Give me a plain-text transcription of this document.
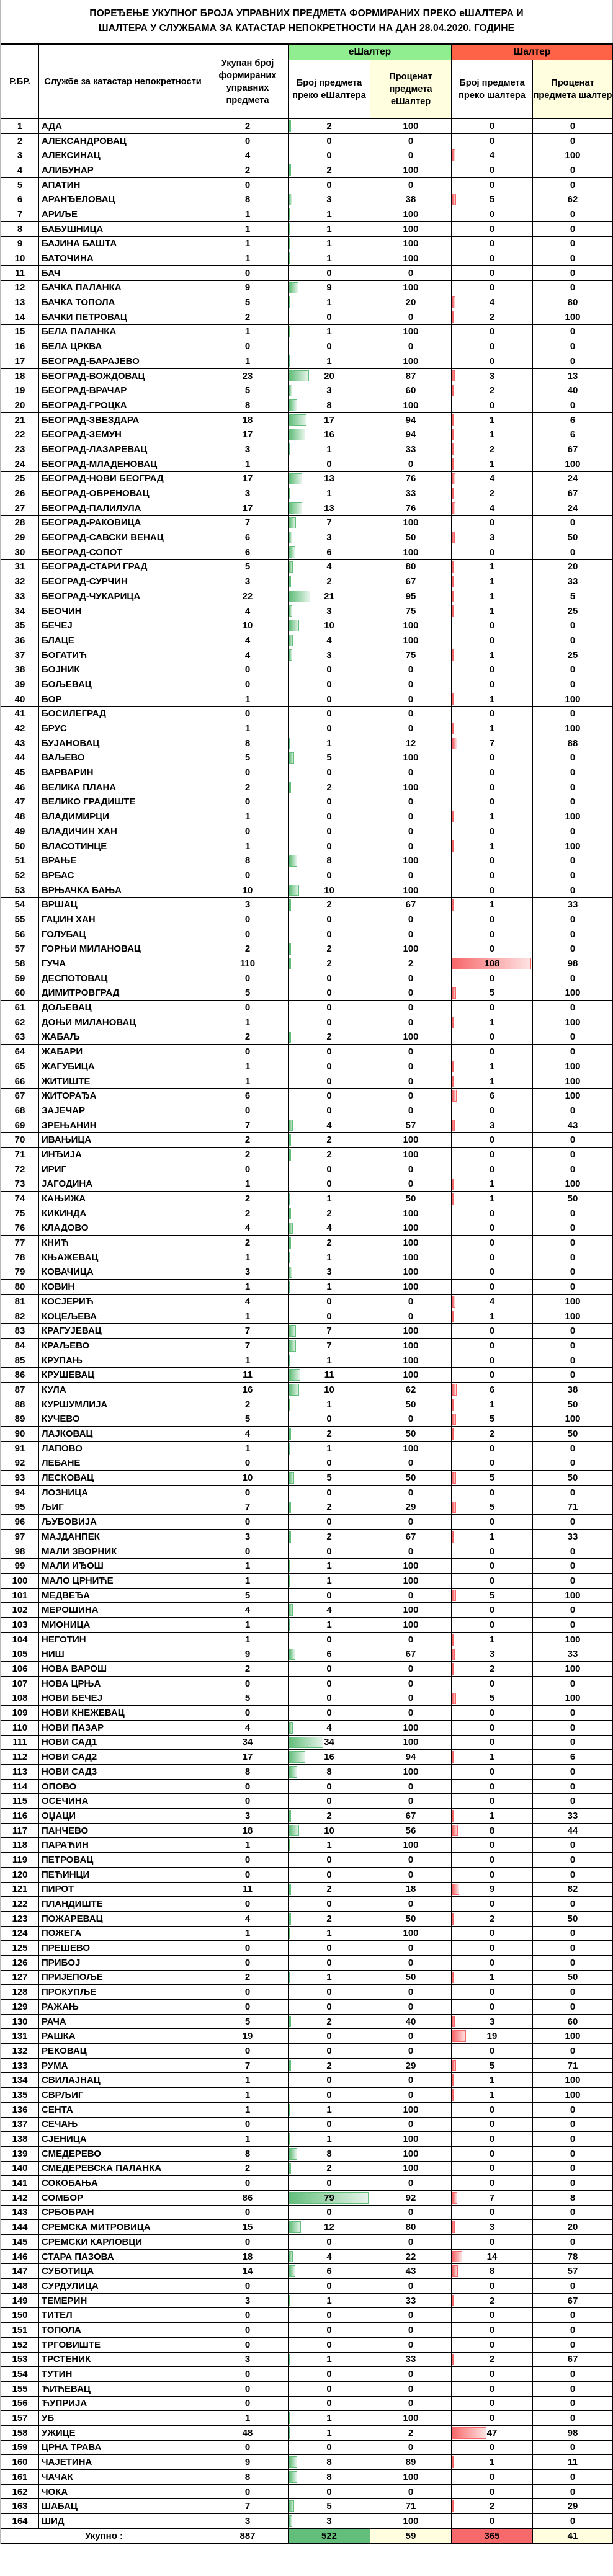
ПОРЕЂЕЊЕ УКУПНОГ БРОЈА УПРАВНИХ ПРЕДМЕТА ФОРМИРАНИХ ПРЕКО еШАЛТЕРА И
ШАЛТЕРА У СЛУЖБАМА ЗА КАТАСТАР НЕПОКРЕТНОСТИ НА ДАН 28.04.2020. ГОДИНЕ
Р.БР.	Службе за катастар непокретности	Укупан број формираних управних предмета	еШалтер		Шалтер	
			Број предмета преко еШалтера	Проценат предмета еШалтер	Број предмета преко шалтера	Проценат предмета шалтер
1	АДА	2	2	100	0	0
2	АЛЕКСАНДРОВАЦ	0	0	0	0	0
3	АЛЕКСИНАЦ	4	0	0	4	100
4	АЛИБУНАР	2	2	100	0	0
5	АПАТИН	0	0	0	0	0
6	АРАНЂЕЛОВАЦ	8	3	38	5	62
7	АРИЉЕ	1	1	100	0	0
8	БАБУШНИЦА	1	1	100	0	0
9	БАЈИНА БАШТА	1	1	100	0	0
10	БАТОЧИНА	1	1	100	0	0
11	БАЧ	0	0	0	0	0
12	БАЧКА ПАЛАНКА	9	9	100	0	0
13	БАЧКА ТОПОЛА	5	1	20	4	80
14	БАЧКИ ПЕТРОВАЦ	2	0	0	2	100
15	БЕЛА ПАЛАНКА	1	1	100	0	0
16	БЕЛА ЦРКВА	0	0	0	0	0
17	БЕОГРАД-БАРАЈЕВО	1	1	100	0	0
18	БЕОГРАД-ВОЖДОВАЦ	23	20	87	3	13
19	БЕОГРАД-ВРАЧАР	5	3	60	2	40
20	БЕОГРАД-ГРОЦКА	8	8	100	0	0
21	БЕОГРАД-ЗВЕЗДАРА	18	17	94	1	6
22	БЕОГРАД-ЗЕМУН	17	16	94	1	6
23	БЕОГРАД-ЛАЗАРЕВАЦ	3	1	33	2	67
24	БЕОГРАД-МЛАДЕНОВАЦ	1	0	0	1	100
25	БЕОГРАД-НОВИ БЕОГРАД	17	13	76	4	24
26	БЕОГРАД-ОБРЕНОВАЦ	3	1	33	2	67
27	БЕОГРАД-ПАЛИЛУЛА	17	13	76	4	24
28	БЕОГРАД-РАКОВИЦА	7	7	100	0	0
29	БЕОГРАД-САВСКИ ВЕНАЦ	6	3	50	3	50
30	БЕОГРАД-СОПОТ	6	6	100	0	0
31	БЕОГРАД-СТАРИ ГРАД	5	4	80	1	20
32	БЕОГРАД-СУРЧИН	3	2	67	1	33
33	БЕОГРАД-ЧУКАРИЦА	22	21	95	1	5
34	БЕОЧИН	4	3	75	1	25
35	БЕЧЕЈ	10	10	100	0	0
36	БЛАЦЕ	4	4	100	0	0
37	БОГАТИЋ	4	3	75	1	25
38	БОЈНИК	0	0	0	0	0
39	БОЉЕВАЦ	0	0	0	0	0
40	БОР	1	0	0	1	100
41	БОСИЛЕГРАД	0	0	0	0	0
42	БРУС	1	0	0	1	100
43	БУЈАНОВАЦ	8	1	12	7	88
44	ВАЉЕВО	5	5	100	0	0
45	ВАРВАРИН	0	0	0	0	0
46	ВЕЛИКА ПЛАНА	2	2	100	0	0
47	ВЕЛИКО ГРАДИШТЕ	0	0	0	0	0
48	ВЛАДИМИРЦИ	1	0	0	1	100
49	ВЛАДИЧИН ХАН	0	0	0	0	0
50	ВЛАСОТИНЦЕ	1	0	0	1	100
51	ВРАЊЕ	8	8	100	0	0
52	ВРБАС	0	0	0	0	0
53	ВРЊАЧКА БАЊА	10	10	100	0	0
54	ВРШАЦ	3	2	67	1	33
55	ГАЏИН ХАН	0	0	0	0	0
56	ГОЛУБАЦ	0	0	0	0	0
57	ГОРЊИ МИЛАНОВАЦ	2	2	100	0	0
58	ГУЧА	110	2	2	108	98
59	ДЕСПОТОВАЦ	0	0	0	0	0
60	ДИМИТРОВГРАД	5	0	0	5	100
61	ДОЉЕВАЦ	0	0	0	0	0
62	ДОЊИ МИЛАНОВАЦ	1	0	0	1	100
63	ЖАБАЉ	2	2	100	0	0
64	ЖАБАРИ	0	0	0	0	0
65	ЖАГУБИЦА	1	0	0	1	100
66	ЖИТИШТЕ	1	0	0	1	100
67	ЖИТОРАЂА	6	0	0	6	100
68	ЗАЈЕЧАР	0	0	0	0	0
69	ЗРЕЊАНИН	7	4	57	3	43
70	ИВАЊИЦА	2	2	100	0	0
71	ИНЂИЈА	2	2	100	0	0
72	ИРИГ	0	0	0	0	0
73	ЈАГОДИНА	1	0	0	1	100
74	КАЊИЖА	2	1	50	1	50
75	КИКИНДА	2	2	100	0	0
76	КЛАДОВО	4	4	100	0	0
77	КНИЋ	2	2	100	0	0
78	КЊАЖЕВАЦ	1	1	100	0	0
79	КОВАЧИЦА	3	3	100	0	0
80	КОВИН	1	1	100	0	0
81	КОСЈЕРИЋ	4	0	0	4	100
82	КОЦЕЉЕВА	1	0	0	1	100
83	КРАГУЈЕВАЦ	7	7	100	0	0
84	КРАЉЕВО	7	7	100	0	0
85	КРУПАЊ	1	1	100	0	0
86	КРУШЕВАЦ	11	11	100	0	0
87	КУЛА	16	10	62	6	38
88	КУРШУМЛИЈА	2	1	50	1	50
89	КУЧЕВО	5	0	0	5	100
90	ЛАЈКОВАЦ	4	2	50	2	50
91	ЛАПОВО	1	1	100	0	0
92	ЛЕБАНЕ	0	0	0	0	0
93	ЛЕСКОВАЦ	10	5	50	5	50
94	ЛОЗНИЦА	0	0	0	0	0
95	ЉИГ	7	2	29	5	71
96	ЉУБОВИЈА	0	0	0	0	0
97	МАЈДАНПЕК	3	2	67	1	33
98	МАЛИ ЗВОРНИК	0	0	0	0	0
99	МАЛИ ИЂОШ	1	1	100	0	0
100	МАЛО ЦРНИЋЕ	1	1	100	0	0
101	МЕДВЕЂА	5	0	0	5	100
102	МЕРОШИНА	4	4	100	0	0
103	МИОНИЦА	1	1	100	0	0
104	НЕГОТИН	1	0	0	1	100
105	НИШ	9	6	67	3	33
106	НОВА ВАРОШ	2	0	0	2	100
107	НОВА ЦРЊА	0	0	0	0	0
108	НОВИ БЕЧЕЈ	5	0	0	5	100
109	НОВИ КНЕЖЕВАЦ	0	0	0	0	0
110	НОВИ ПАЗАР	4	4	100	0	0
111	НОВИ САД1	34	34	100	0	0
112	НОВИ САД2	17	16	94	1	6
113	НОВИ САД3	8	8	100	0	0
114	ОПОВО	0	0	0	0	0
115	ОСЕЧИНА	0	0	0	0	0
116	ОЏАЦИ	3	2	67	1	33
117	ПАНЧЕВО	18	10	56	8	44
118	ПАРАЋИН	1	1	100	0	0
119	ПЕТРОВАЦ	0	0	0	0	0
120	ПЕЋИНЦИ	0	0	0	0	0
121	ПИРОТ	11	2	18	9	82
122	ПЛАНДИШТЕ	0	0	0	0	0
123	ПОЖАРЕВАЦ	4	2	50	2	50
124	ПОЖЕГА	1	1	100	0	0
125	ПРЕШЕВО	0	0	0	0	0
126	ПРИБОЈ	0	0	0	0	0
127	ПРИЈЕПОЉЕ	2	1	50	1	50
128	ПРОКУПЉЕ	0	0	0	0	0
129	РАЖАЊ	0	0	0	0	0
130	РАЧА	5	2	40	3	60
131	РАШКА	19	0	0	19	100
132	РЕКОВАЦ	0	0	0	0	0
133	РУМА	7	2	29	5	71
134	СВИЛАЈНАЦ	1	0	0	1	100
135	СВРЉИГ	1	0	0	1	100
136	СЕНТА	1	1	100	0	0
137	СЕЧАЊ	0	0	0	0	0
138	СЈЕНИЦА	1	1	100	0	0
139	СМЕДЕРЕВО	8	8	100	0	0
140	СМЕДЕРЕВСКА ПАЛАНКА	2	2	100	0	0
141	СОКОБАЊА	0	0	0	0	0
142	СОМБОР	86	79	92	7	8
143	СРБОБРАН	0	0	0	0	0
144	СРЕМСКА МИТРОВИЦА	15	12	80	3	20
145	СРЕМСКИ КАРЛОВЦИ	0	0	0	0	0
146	СТАРА ПАЗОВА	18	4	22	14	78
147	СУБОТИЦА	14	6	43	8	57
148	СУРДУЛИЦА	0	0	0	0	0
149	ТЕМЕРИН	3	1	33	2	67
150	ТИТЕЛ	0	0	0	0	0
151	ТОПОЛА	0	0	0	0	0
152	ТРГОВИШТЕ	0	0	0	0	0
153	ТРСТЕНИК	3	1	33	2	67
154	ТУТИН	0	0	0	0	0
155	ЋИЋЕВАЦ	0	0	0	0	0
156	ЋУПРИЈА	0	0	0	0	0
157	УБ	1	1	100	0	0
158	УЖИЦЕ	48	1	2	47	98
159	ЦРНА ТРАВА	0	0	0	0	0
160	ЧАЈЕТИНА	9	8	89	1	11
161	ЧАЧАК	8	8	100	0	0
162	ЧОКА	0	0	0	0	0
163	ШАБАЦ	7	5	71	2	29
164	ШИД	3	3	100	0	0
Укупно :		887	522	59	365	41
